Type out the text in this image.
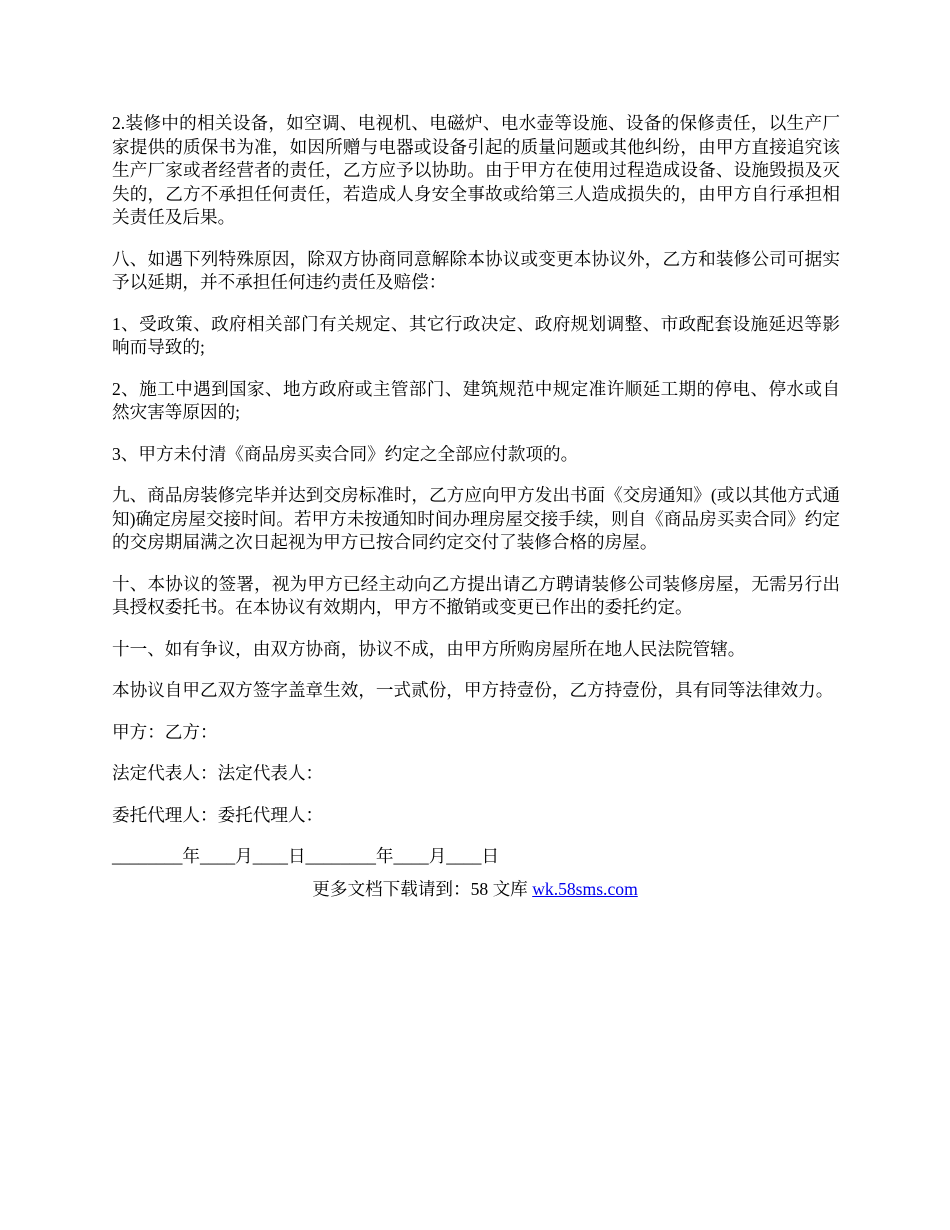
2.装修中的相关设备，如空调、电视机、电磁炉、电水壶等设施、设备的保修责任，以生产厂家提供的质保书为准，如因所赠与电器或设备引起的质量问题或其他纠纷，由甲方直接追究该生产厂家或者经营者的责任，乙方应予以协助。由于甲方在使用过程造成设备、设施毁损及灭失的，乙方不承担任何责任，若造成人身安全事故或给第三人造成损失的，由甲方自行承担相关责任及后果。

八、如遇下列特殊原因，除双方协商同意解除本协议或变更本协议外，乙方和装修公司可据实予以延期，并不承担任何违约责任及赔偿：

1、受政策、政府相关部门有关规定、其它行政决定、政府规划调整、市政配套设施延迟等影响而导致的;

2、施工中遇到国家、地方政府或主管部门、建筑规范中规定准许顺延工期的停电、停水或自然灾害等原因的;

3、甲方未付清《商品房买卖合同》约定之全部应付款项的。

九、商品房装修完毕并达到交房标准时，乙方应向甲方发出书面《交房通知》(或以其他方式通知)确定房屋交接时间。若甲方未按通知时间办理房屋交接手续，则自《商品房买卖合同》约定的交房期届满之次日起视为甲方已按合同约定交付了装修合格的房屋。

十、本协议的签署，视为甲方已经主动向乙方提出请乙方聘请装修公司装修房屋，无需另行出具授权委托书。在本协议有效期内，甲方不撤销或变更已作出的委托约定。

十一、如有争议，由双方协商，协议不成，由甲方所购房屋所在地人民法院管辖。

本协议自甲乙双方签字盖章生效，一式贰份，甲方持壹份，乙方持壹份，具有同等法律效力。

甲方：乙方：

法定代表人：法定代表人：

委托代理人：委托代理人：

________年____月____日________年____月____日

更多文档下载请到：58 文库 wk.58sms.com
